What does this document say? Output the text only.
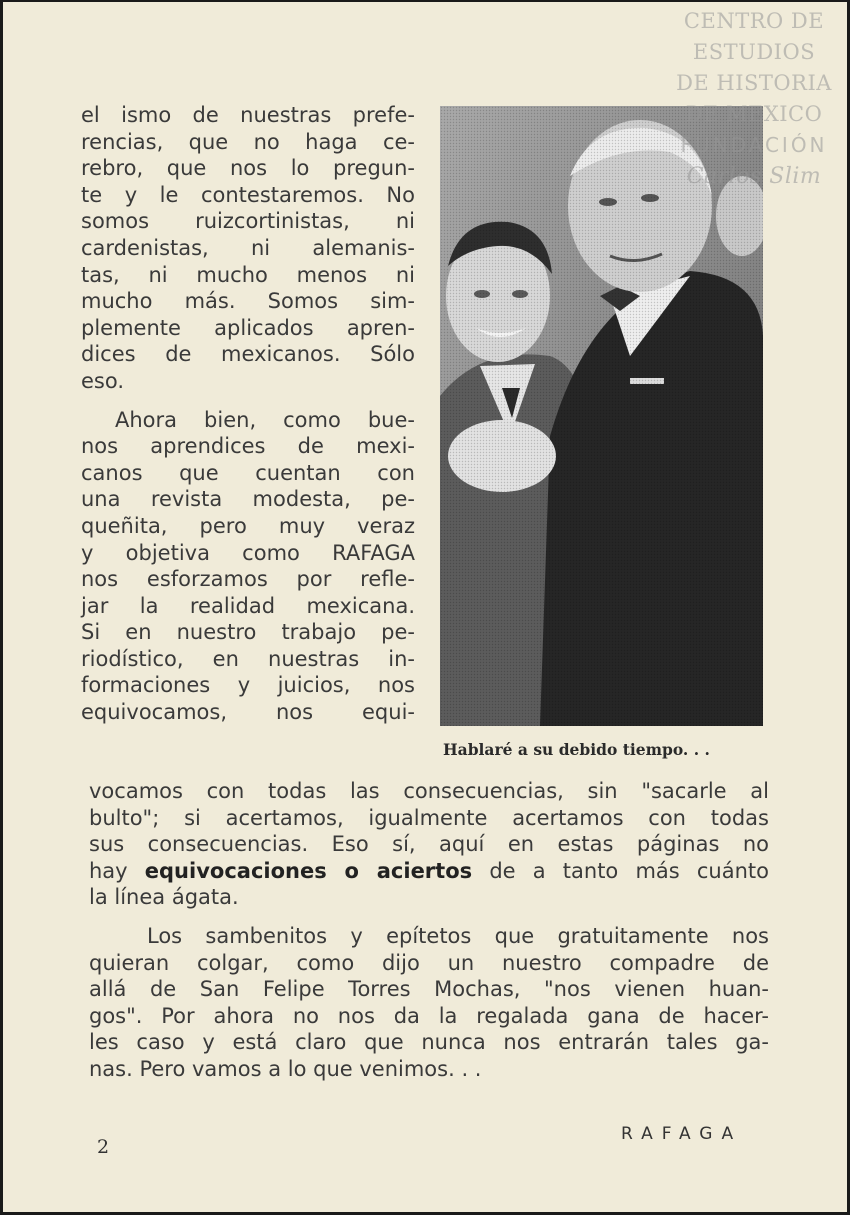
CENTRO DE
ESTUDIOS
DE HISTORIA
DE MEXICO
FUNDACIÓN
Carlos Slim

el ismo de nuestras prefe-
rencias, que no haga ce-
rebro, que nos lo pregun-
te y le contestaremos. No
somos ruizcortinistas, ni
cardenistas, ni alemanis-
tas, ni mucho menos ni
mucho más. Somos sim-
plemente aplicados apren-
dices de mexicanos. Sólo
eso.

Ahora bien, como bue-
nos aprendices de mexi-
canos que cuentan con
una revista modesta, pe-
queñita, pero muy veraz
y objetiva como RAFAGA
nos esforzamos por refle-
jar la realidad mexicana.
Si en nuestro trabajo pe-
riodístico, en nuestras in-
formaciones y juicios, nos
equivocamos, nos equi-

Hablaré a su debido tiempo. . .

vocamos con todas las consecuencias, sin "sacarle al
bulto"; si acertamos, igualmente acertamos con todas
sus consecuencias. Eso sí, aquí en estas páginas no
hay equivocaciones o aciertos de a tanto más cuánto
la línea ágata.

Los sambenitos y epítetos que gratuitamente nos
quieran colgar, como dijo un nuestro compadre de
allá de San Felipe Torres Mochas, "nos vienen huan-
gos". Por ahora no nos da la regalada gana de hacer-
les caso y está claro que nunca nos entrarán tales ga-
nas. Pero vamos a lo que venimos. . .

2
RAFAGA
